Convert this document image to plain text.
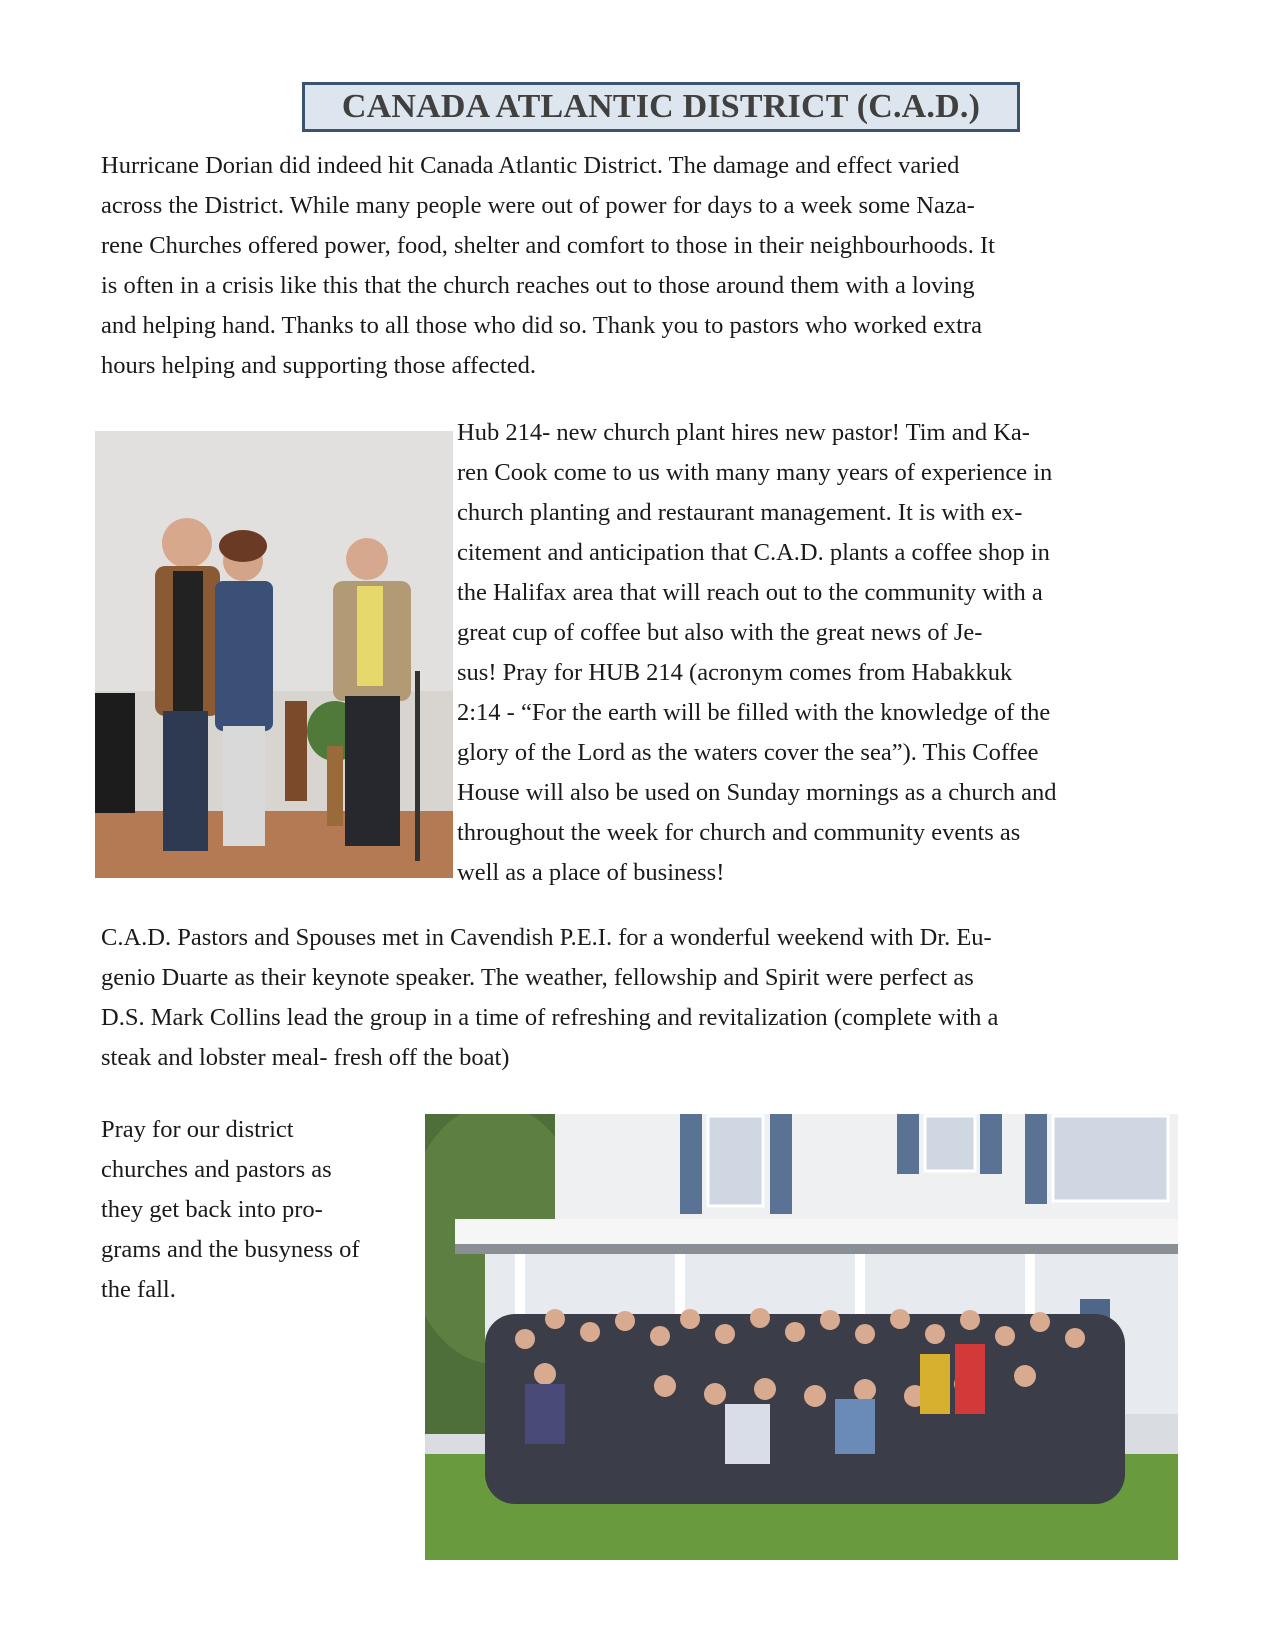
CANADA ATLANTIC DISTRICT (C.A.D.)
Hurricane Dorian did indeed hit Canada Atlantic District. The damage and effect varied
across the District. While many people were out of power for days to a week some Naza-
rene Churches offered power, food, shelter and comfort to those in their neighbourhoods. It
is often in a crisis like this that the church reaches out to those around them with a loving
and helping hand. Thanks to all those who did so. Thank you to pastors who worked extra
hours helping and supporting those affected.
Hub 214- new church plant hires new pastor! Tim and Ka-
ren Cook come to us with many many years of experience in
church planting and restaurant management. It is with ex-
citement and anticipation that C.A.D. plants a coffee shop in
the Halifax area that will reach out to the community with a
great cup of coffee but also with the great news of Je-
sus! Pray for HUB 214 (acronym comes from Habakkuk
2:14 - “For the earth will be filled with the knowledge of the
glory of the Lord as the waters cover the sea”). This Coffee
House will also be used on Sunday mornings as a church and
throughout the week for church and community events as
well as a place of business!
C.A.D. Pastors and Spouses met in Cavendish P.E.I. for a wonderful weekend with Dr. Eu-
genio Duarte as their keynote speaker. The weather, fellowship and Spirit were perfect as
D.S. Mark Collins lead the group in a time of refreshing and revitalization (complete with a
steak and lobster meal- fresh off the boat)
Pray for our district
churches and pastors as
they get back into pro-
grams and the busyness of
the fall.
